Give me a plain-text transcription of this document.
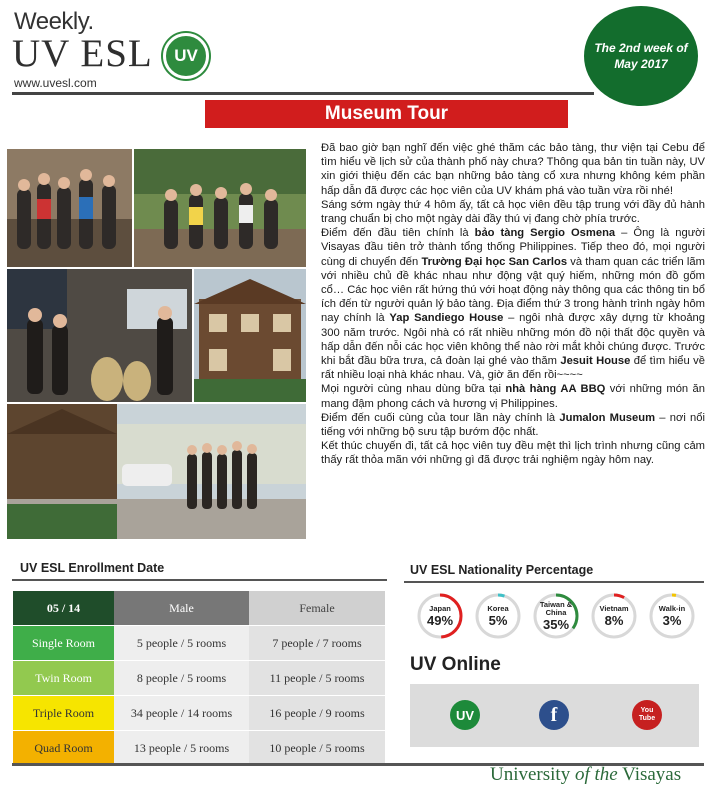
Weekly.
UV ESL	UV
www.uvesl.com
The 2nd week of
May 2017
Museum Tour

Đã bao giờ bạn nghĩ đến việc ghé thăm các bảo tàng, thư viện tại Cebu để tìm hiểu về lịch sử của thành phố này chưa? Thông qua bản tin tuần này, UV xin giới thiệu đến các bạn những bảo tàng cổ xưa nhưng không kém phần hấp dẫn đã được các học viên của UV khám phá vào tuần vừa rồi nhé!

Sáng sớm ngày thứ 4 hôm ấy, tất cả học viên đều tập trung với đầy đủ hành trang chuẩn bị cho một ngày dài đầy thú vị đang chờ phía trước.

Điểm đến đầu tiên chính là bảo tàng Sergio Osmena – Ông là người Visayas đầu tiên trở thành tổng thống Philippines. Tiếp theo đó, mọi người cùng di chuyển đến Trường Đại học San Carlos và tham quan các triển lãm với nhiều chủ đề khác nhau như động vật quý hiếm, những món đồ gốm cổ… Các học viên rất hứng thú với hoạt động này thông qua các thông tin bổ ích đến từ người quản lý bảo tàng. Địa điểm thứ 3 trong hành trình ngày hôm nay chính là Yap Sandiego House – ngôi nhà được xây dựng từ khoảng 300 năm trước. Ngôi nhà có rất nhiều những món đồ nội thất độc quyền và hấp dẫn đến nỗi các học viên không thể nào rời mắt khỏi chúng được. Trước khi bắt đầu bữa trưa, cả đoàn lại ghé vào thăm Jesuit House để tìm hiểu về rất nhiều loại nhà khác nhau. Và, giờ ăn đến rồi~~~~

Mọi người cùng nhau dùng bữa tại nhà hàng AA BBQ với những món ăn mang đậm phong cách và hương vị Philippines.

Điểm đến cuối cùng của tour lần này chính là Jumalon Museum – nơi nổi tiếng với những bộ sưu tập bướm độc nhất.

Kết thúc chuyến đi, tất cả học viên tuy đều mệt thì lịch trình nhưng cũng cảm thấy rất thỏa mãn với những gì đã được trải nghiệm ngày hôm nay.

UV ESL Enrollment Date
05 / 14	Male	Female
Single Room	5 people / 5 rooms	7 people / 7 rooms
Twin Room	8 people / 5 rooms	11 people / 5 rooms
Triple Room	34 people / 14 rooms	16 people / 9 rooms
Quad Room	13 people / 5 rooms	10 people / 5 rooms
UV ESL Nationality Percentage
Japan
49%
Korea
5%
Taiwan & China
35%
Vietnam
8%
Walk-in
3%
UV Online
UV	f	You Tube
University of the Visayas
